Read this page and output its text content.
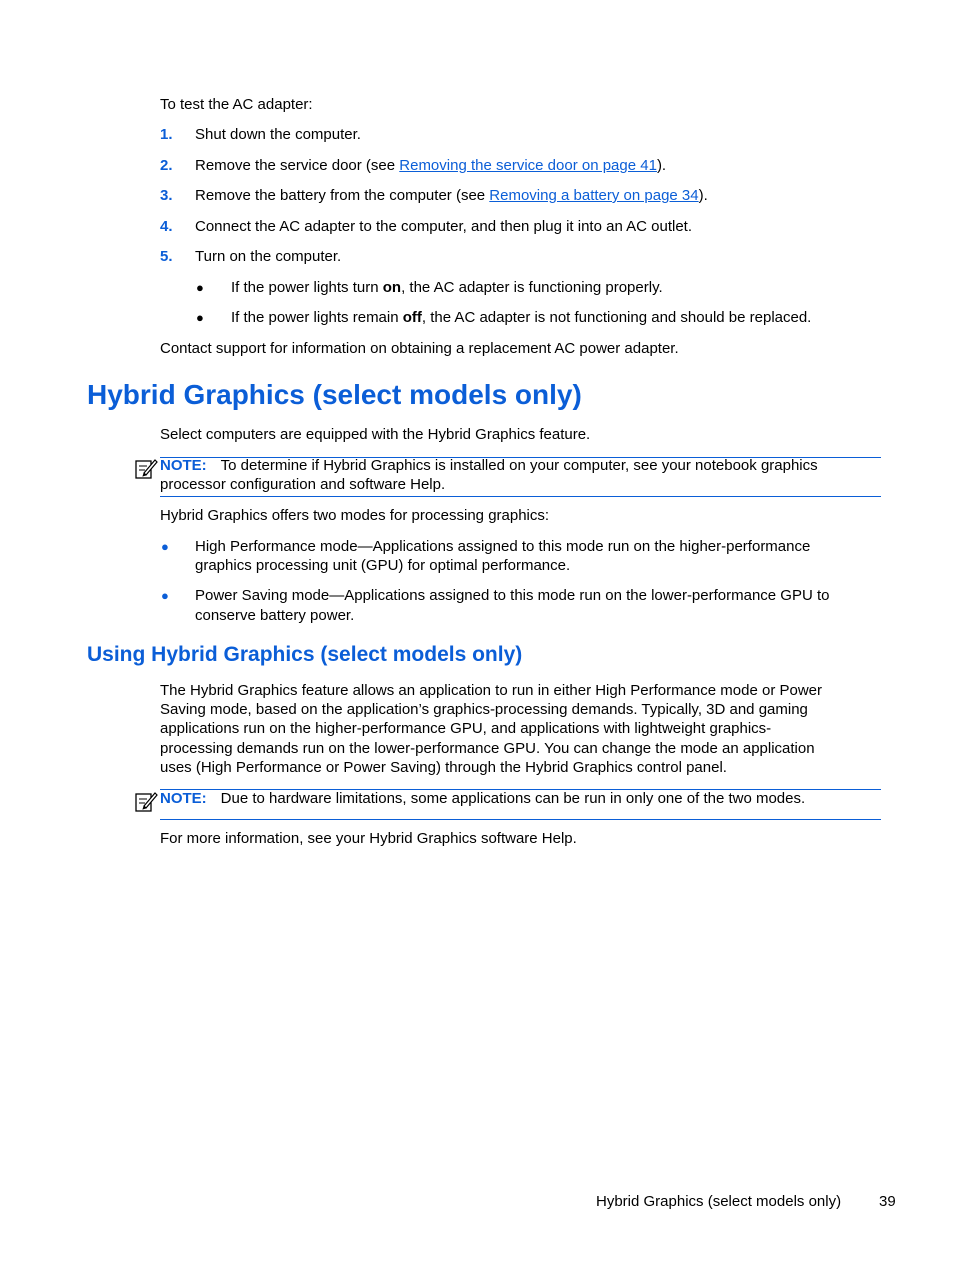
To test the AC adapter:
1. Shut down the computer.
2. Remove the service door (see Removing the service door on page 41).
3. Remove the battery from the computer (see Removing a battery on page 34).
4. Connect the AC adapter to the computer, and then plug it into an AC outlet.
5. Turn on the computer.
● If the power lights turn on, the AC adapter is functioning properly.
● If the power lights remain off, the AC adapter is not functioning and should be replaced.
Contact support for information on obtaining a replacement AC power adapter.
Hybrid Graphics (select models only)
Select computers are equipped with the Hybrid Graphics feature.
NOTE: To determine if Hybrid Graphics is installed on your computer, see your notebook graphics
processor configuration and software Help.
Hybrid Graphics offers two modes for processing graphics:
● High Performance mode—Applications assigned to this mode run on the higher-performance
graphics processing unit (GPU) for optimal performance.
● Power Saving mode—Applications assigned to this mode run on the lower-performance GPU to
conserve battery power.
Using Hybrid Graphics (select models only)
The Hybrid Graphics feature allows an application to run in either High Performance mode or Power
Saving mode, based on the application’s graphics-processing demands. Typically, 3D and gaming
applications run on the higher-performance GPU, and applications with lightweight graphics-
processing demands run on the lower-performance GPU. You can change the mode an application
uses (High Performance or Power Saving) through the Hybrid Graphics control panel.
NOTE: Due to hardware limitations, some applications can be run in only one of the two modes.
For more information, see your Hybrid Graphics software Help.
Hybrid Graphics (select models only)	39
